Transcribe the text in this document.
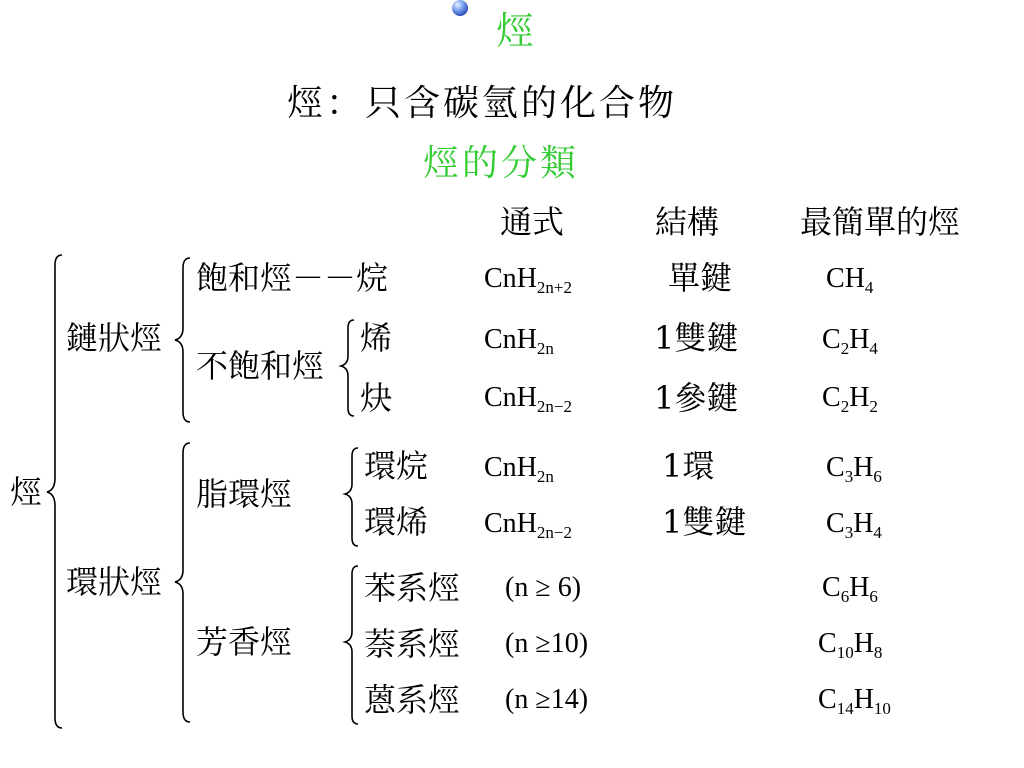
烴
烴：只含碳氫的化合物
烴的分類
通式	結構	最簡單的烴
烴
鏈狀烴
環狀烴
飽和烴－－烷
不飽和烴
烯
炔
脂環烴
環烷
環烯
芳香烴
苯系烴
萘系烴
蒽系烴
CnH$_{2n+2}$
CnH$_{2n}$
CnH$_{2n-2}$
CnH$_{2n}$
CnH$_{2n-2}$
(n ≥ 6)
(n ≥10)
(n ≥14)
單鍵
1雙鍵
1參鍵
1環
1雙鍵
$CH_4$
$C_2H_4$
$C_2H_2$
$C_3H_6$
$C_3H_4$
$C_6H_6$
$C_{10}H_8$
$C_{14}H_{10}$
